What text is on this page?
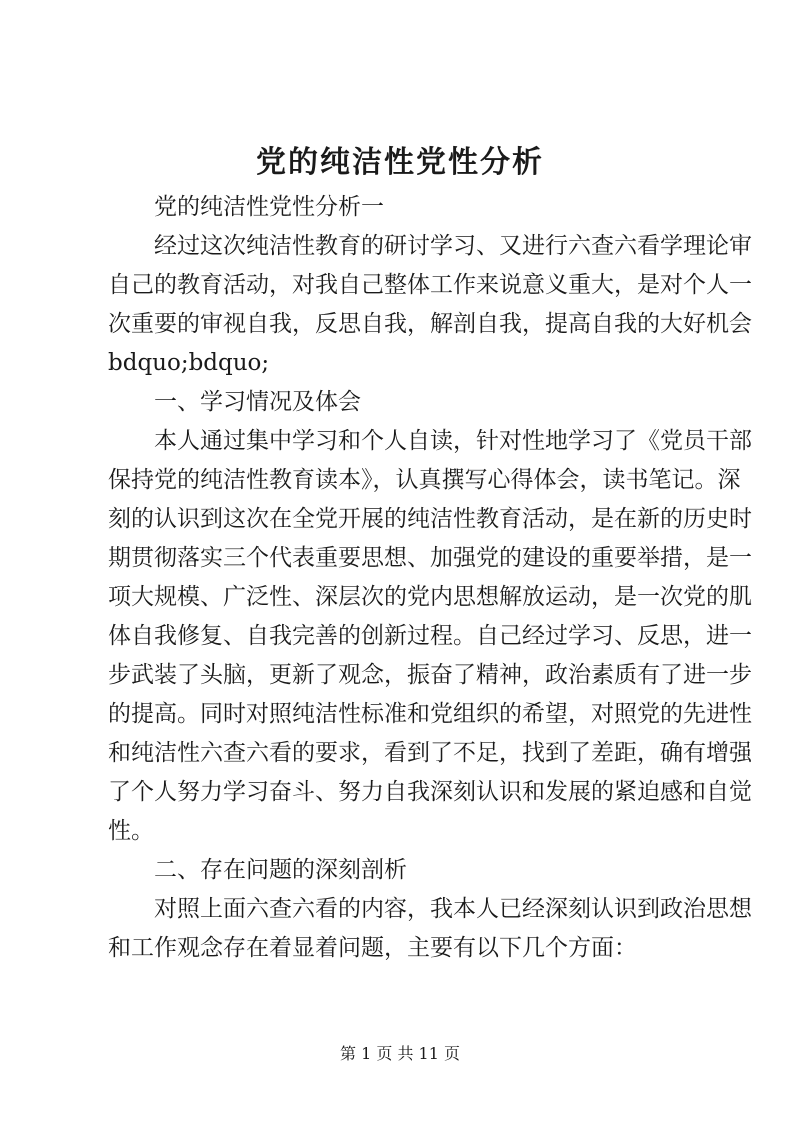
党的纯洁性党性分析
党的纯洁性党性分析一
经过这次纯洁性教育的研讨学习、又进行六查六看学理论审
自己的教育活动，对我自己整体工作来说意义重大，是对个人一
次重要的审视自我，反思自我，解剖自我，提高自我的大好机会
bdquo;bdquo;
一、学习情况及体会
本人通过集中学习和个人自读，针对性地学习了《党员干部
保持党的纯洁性教育读本》，认真撰写心得体会，读书笔记。深
刻的认识到这次在全党开展的纯洁性教育活动，是在新的历史时
期贯彻落实三个代表重要思想、加强党的建设的重要举措，是一
项大规模、广泛性、深层次的党内思想解放运动，是一次党的肌
体自我修复、自我完善的创新过程。自己经过学习、反思，进一
步武装了头脑，更新了观念，振奋了精神，政治素质有了进一步
的提高。同时对照纯洁性标准和党组织的希望，对照党的先进性
和纯洁性六查六看的要求，看到了不足，找到了差距，确有增强
了个人努力学习奋斗、努力自我深刻认识和发展的紧迫感和自觉
性。
二、存在问题的深刻剖析
对照上面六查六看的内容，我本人已经深刻认识到政治思想
和工作观念存在着显着问题，主要有以下几个方面：
第 1 页 共 11 页
